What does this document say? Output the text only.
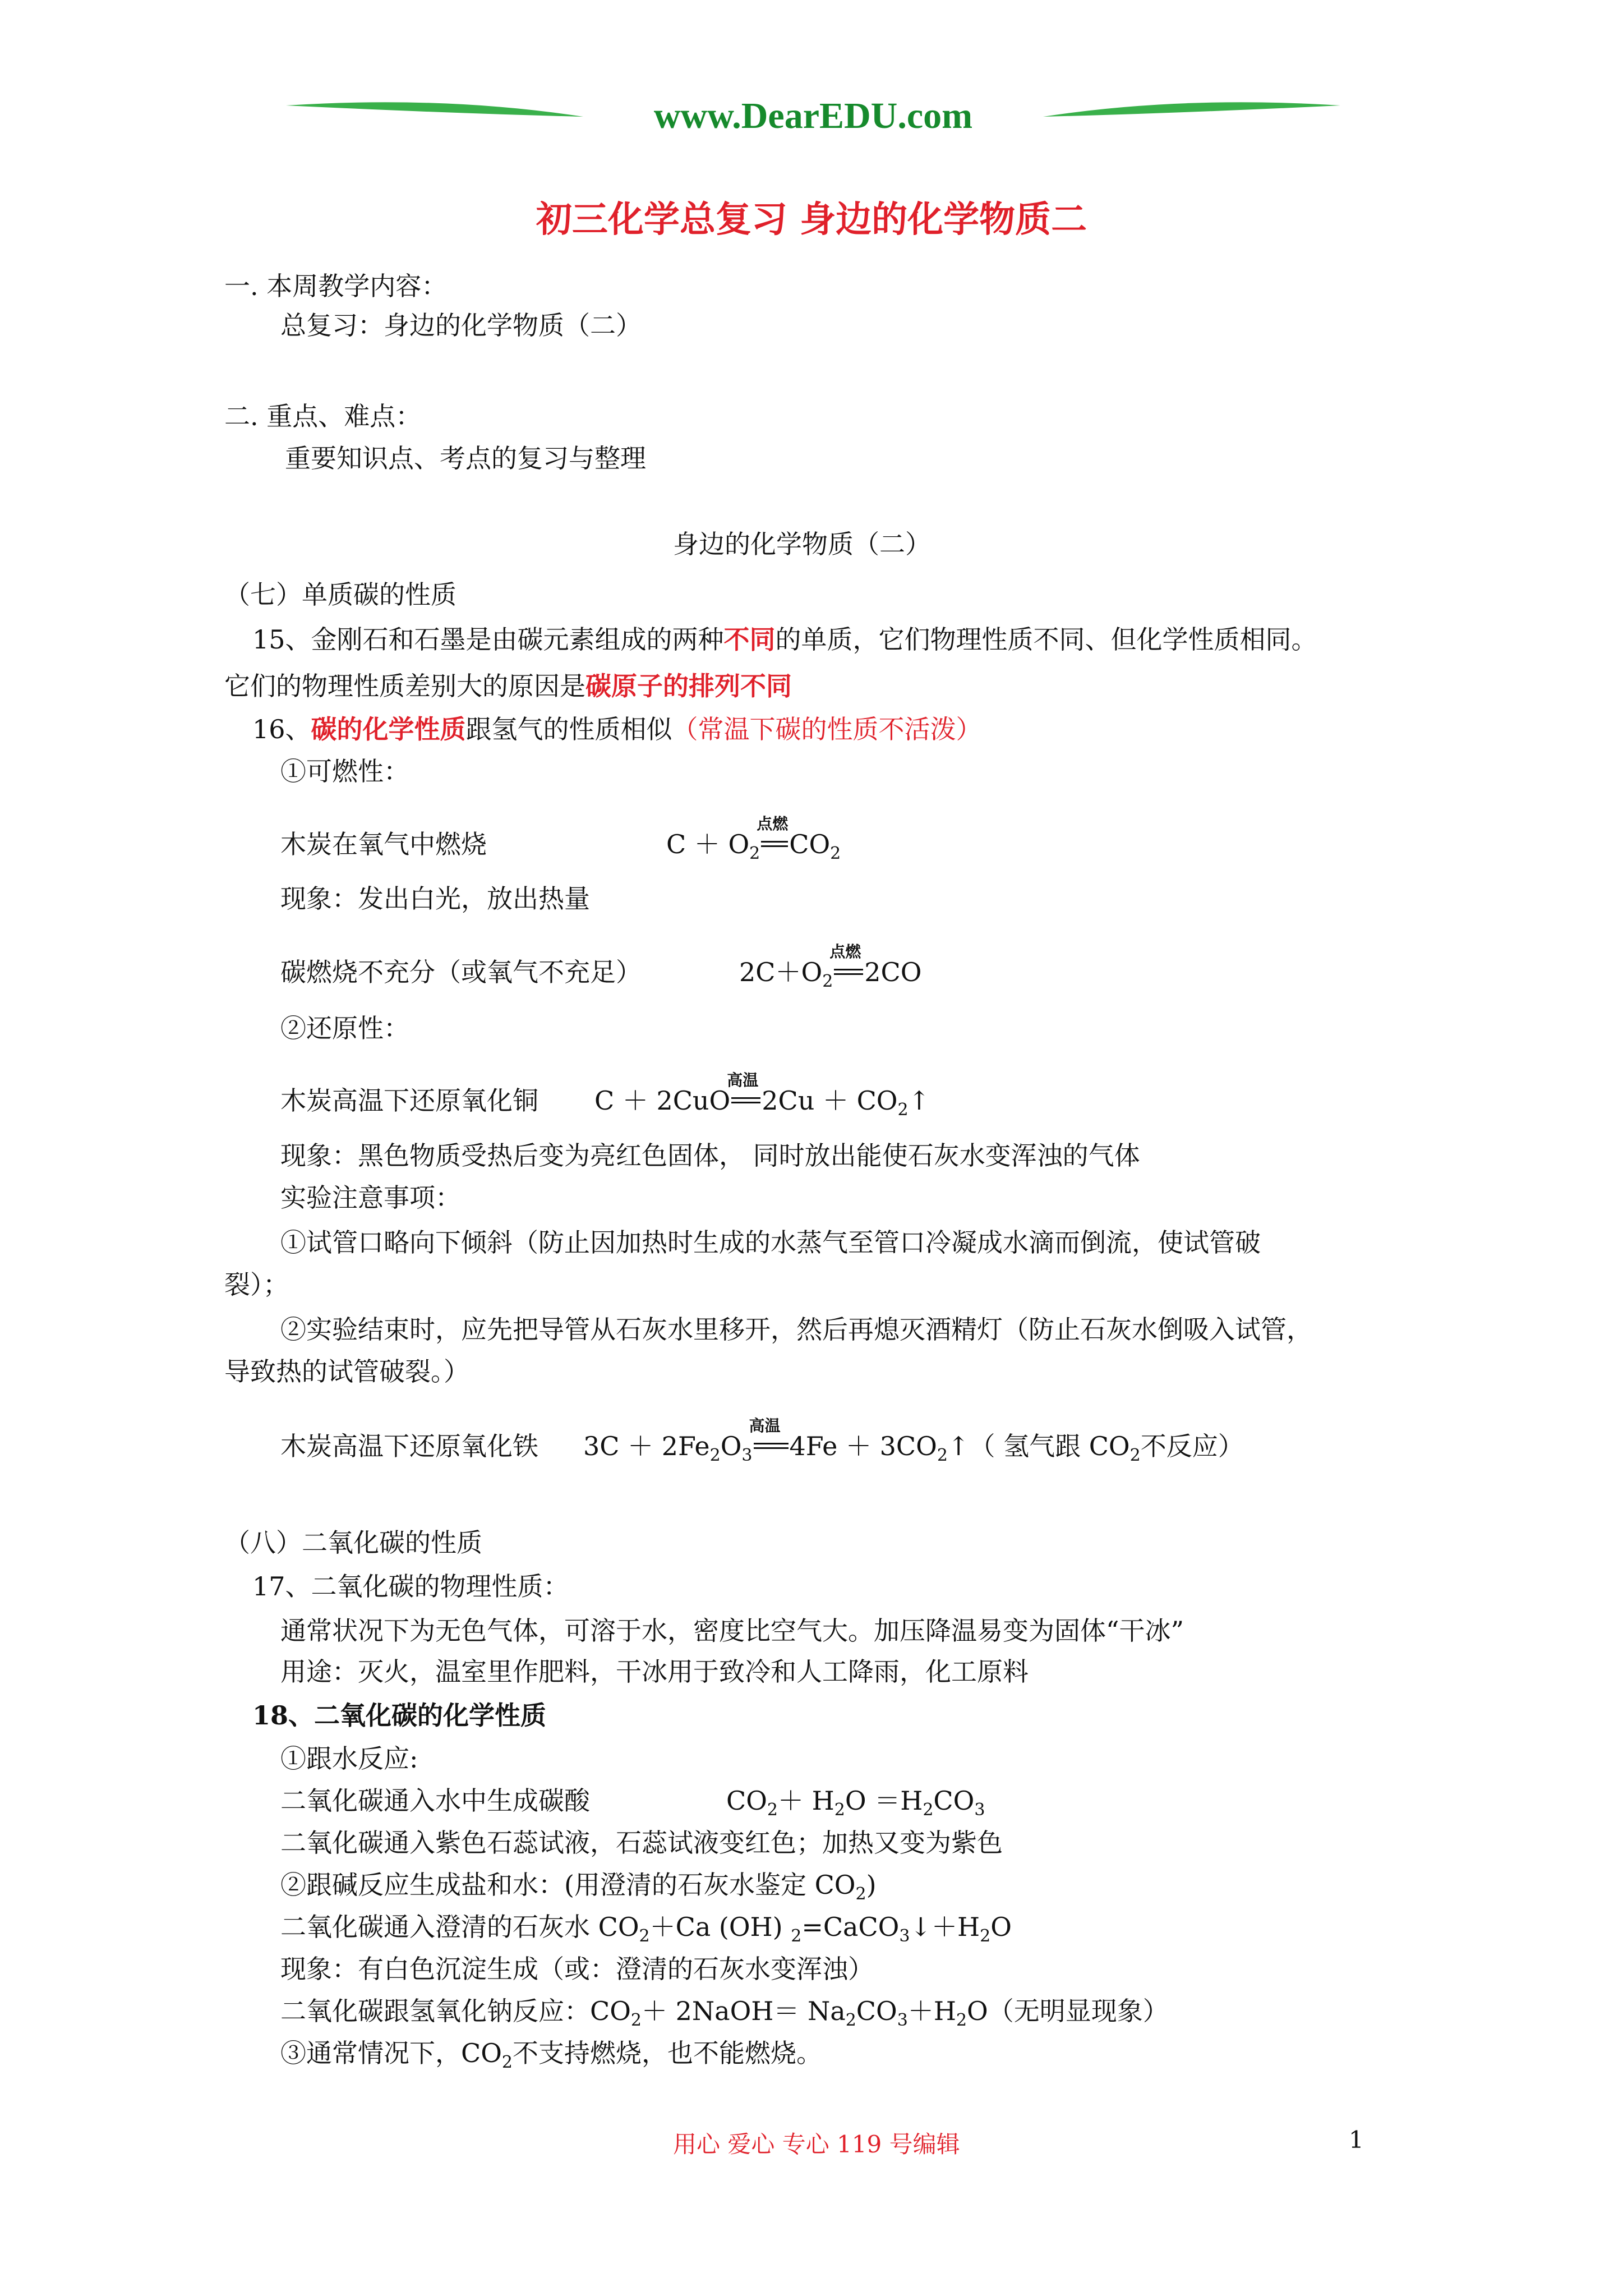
www.DearEDU.com
初三化学总复习 身边的化学物质二
一. 本周教学内容：
总复习：身边的化学物质（二）
二. 重点、难点：
重要知识点、考点的复习与整理
身边的化学物质（二）
（七）单质碳的性质
15、金刚石和石墨是由碳元素组成的两种不同的单质，它们物理性质不同、但化学性质相同。
它们的物理性质差别大的原因是碳原子的排列不同
16、碳的化学性质跟氢气的性质相似（常温下碳的性质不活泼）
①可燃性：
木炭在氧气中燃烧	$C + O_2$
点燃
$CO_2$
现象：发出白光，放出热量
碳燃烧不充分（或氧气不充足）	$2C+O_2$
点燃
2CO
②还原性：
木炭高温下还原氧化铜 C ＋ 2CuO
高温
$2Cu + CO_2↑$
现象：黑色物质受热后变为亮红色固体， 同时放出能使石灰水变浑浊的气体
实验注意事项：
①试管口略向下倾斜（防止因加热时生成的水蒸气至管口冷凝成水滴而倒流，使试管破
裂）；
②实验结束时，应先把导管从石灰水里移开，然后再熄灭酒精灯（防止石灰水倒吸入试管，
导致热的试管破裂。）
木炭高温下还原氧化铁 $3C + 2Fe_2O_3$
高温
$4Fe + 3CO_2↑$（ 氢气跟 $CO_2$不反应）
（八）二氧化碳的性质
17、二氧化碳的物理性质：
通常状况下为无色气体，可溶于水，密度比空气大。加压降温易变为固体“干冰”
用途：灭火，温室里作肥料，干冰用于致冷和人工降雨，化工原料
18、二氧化碳的化学性质
①跟水反应:
二氧化碳通入水中生成碳酸	$CO_2+ H_2O =H_2CO_3$
二氧化碳通入紫色石蕊试液，石蕊试液变红色；加热又变为紫色
②跟碱反应生成盐和水：(用澄清的石灰水鉴定 $CO_2$)
二氧化碳通入澄清的石灰水 $CO_2+Ca$ (OH) $_2=CaCO_3↓+H_2O$
现象：有白色沉淀生成（或：澄清的石灰水变浑浊）
二氧化碳跟氢氧化钠反应：$CO_2+$ 2NaOH＝ $Na_2CO_3+H_2O$（无明显现象）
③通常情况下，$CO_2$不支持燃烧，也不能燃烧。
用心 爱心 专心 119 号编辑	1
